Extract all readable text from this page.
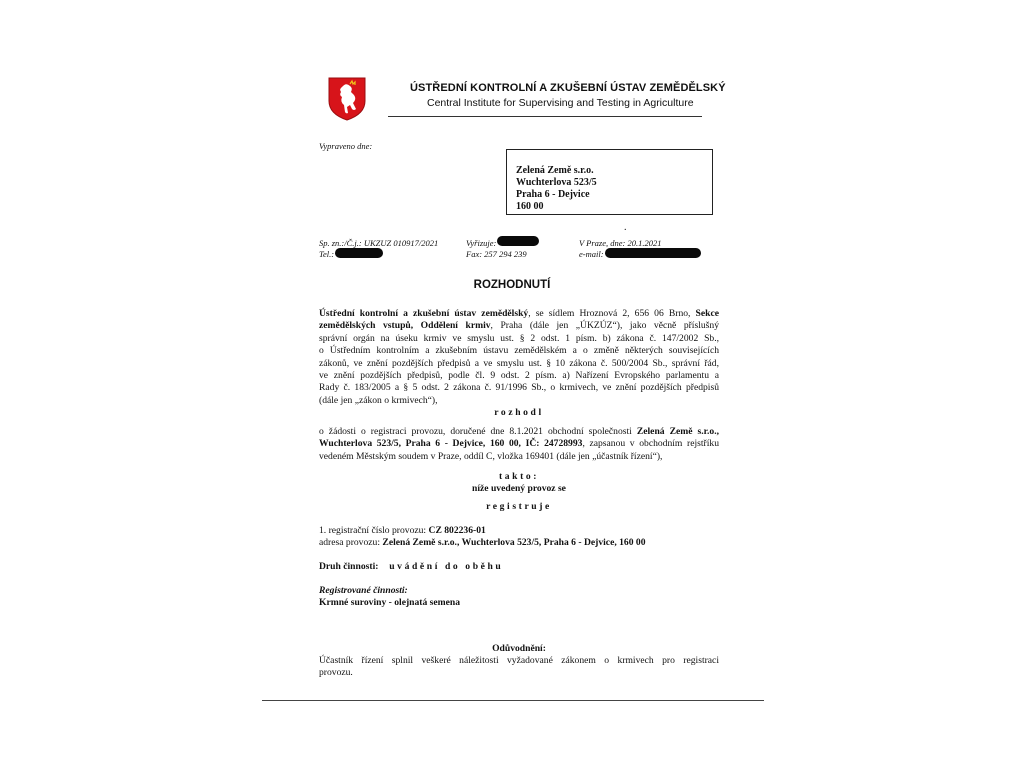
ÚSTŘEDNÍ KONTROLNÍ A ZKUŠEBNÍ ÚSTAV ZEMĚDĚLSKÝ
Central Institute for Supervising and Testing in Agriculture
Vypraveno dne:
Zelená Země s.r.o.
Wuchterlova 523/5
Praha 6 - Dejvice
160 00
.
Sp. zn.:/Č.j.: UKZUZ 010917/2021
Tel.:
Vyřizuje:
Fax: 257 294 239
V Praze, dne: 20.1.2021
e-mail:
ROZHODNUTÍ
Ústřední kontrolní a zkušební ústav zemědělský, se sídlem Hroznová 2, 656 06 Brno, Sekce
zemědělských vstupů, Oddělení krmiv, Praha (dále jen „ÚKZÚZ“), jako věcně příslušný
správní orgán na úseku krmiv ve smyslu ust. § 2 odst. 1 písm. b) zákona č. 147/2002 Sb.,
o Ústředním kontrolním a zkušebním ústavu zemědělském a o změně některých souvisejících
zákonů, ve znění pozdějších předpisů a ve smyslu ust. § 10 zákona č. 500/2004 Sb., správní řád,
ve znění pozdějších předpisů, podle čl. 9 odst. 2 písm. a) Nařízení Evropského parlamentu a
Rady č. 183/2005 a § 5 odst. 2 zákona č. 91/1996 Sb., o krmivech, ve znění pozdějších předpisů
(dále jen „zákon o krmivech“),
rozhodl
o žádosti o registraci provozu, doručené dne 8.1.2021 obchodní společnosti Zelená Země s.r.o.,
Wuchterlova 523/5, Praha 6 - Dejvice, 160 00, IČ: 24728993, zapsanou v obchodním rejstříku
vedeném Městským soudem v Praze, oddíl C, vložka 169401 (dále jen „účastník řízení“),
takto:
níže uvedený provoz se
registruje
1. registrační číslo provozu: CZ 802236-01
adresa provozu: Zelená Země s.r.o., Wuchterlova 523/5, Praha 6 - Dejvice, 160 00
Druh činnosti: uvádění do oběhu
Registrované činnosti:
Krmné suroviny - olejnatá semena
Odůvodnění:
Účastník řízení splnil veškeré náležitosti vyžadované zákonem o krmivech pro registraci
provozu.
